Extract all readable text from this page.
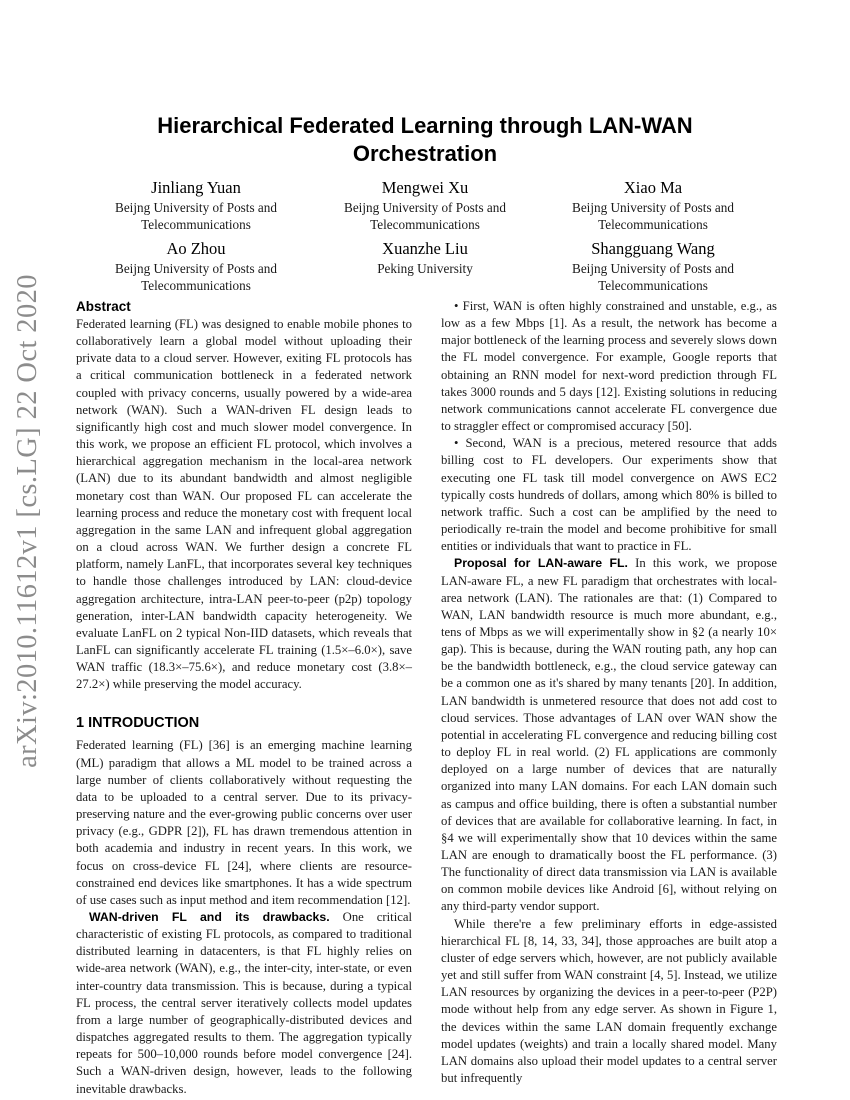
arXiv:2010.11612v1 [cs.LG] 22 Oct 2020
Hierarchical Federated Learning through LAN-WAN Orchestration
Jinliang Yuan
Beijng University of Posts and Telecommunications
Mengwei Xu
Beijng University of Posts and Telecommunications
Xiao Ma
Beijng University of Posts and Telecommunications
Ao Zhou
Beijng University of Posts and Telecommunications
Xuanzhe Liu
Peking University
Shangguang Wang
Beijng University of Posts and Telecommunications
Abstract

Federated learning (FL) was designed to enable mobile phones to collaboratively learn a global model without uploading their private data to a cloud server. However, exiting FL protocols has a critical communication bottleneck in a federated network coupled with privacy concerns, usually powered by a wide-area network (WAN). Such a WAN-driven FL design leads to significantly high cost and much slower model convergence. In this work, we propose an efficient FL protocol, which involves a hierarchical aggregation mechanism in the local-area network (LAN) due to its abundant bandwidth and almost negligible monetary cost than WAN. Our proposed FL can accelerate the learning process and reduce the monetary cost with frequent local aggregation in the same LAN and infrequent global aggregation on a cloud across WAN. We further design a concrete FL platform, namely LanFL, that incorporates several key techniques to handle those challenges introduced by LAN: cloud-device aggregation architecture, intra-LAN peer-to-peer (p2p) topology generation, inter-LAN bandwidth capacity heterogeneity. We evaluate LanFL on 2 typical Non-IID datasets, which reveals that LanFL can significantly accelerate FL training (1.5×–6.0×), save WAN traffic (18.3×–75.6×), and reduce monetary cost (3.8×–27.2×) while preserving the model accuracy.

1 INTRODUCTION

Federated learning (FL) [36] is an emerging machine learning (ML) paradigm that allows a ML model to be trained across a large number of clients collaboratively without requesting the data to be uploaded to a central server. Due to its privacy-preserving nature and the ever-growing public concerns over user privacy (e.g., GDPR [2]), FL has drawn tremendous attention in both academia and industry in recent years. In this work, we focus on cross-device FL [24], where clients are resource-constrained end devices like smartphones. It has a wide spectrum of use cases such as input method and item recommendation [12].

WAN-driven FL and its drawbacks. One critical characteristic of existing FL protocols, as compared to traditional distributed learning in datacenters, is that FL highly relies on wide-area network (WAN), e.g., the inter-city, inter-state, or even inter-country data transmission. This is because, during a typical FL process, the central server iteratively collects model updates from a large number of geographically-distributed devices and dispatches aggregated results to them. The aggregation typically repeats for 500–10,000 rounds before model convergence [24]. Such a WAN-driven design, however, leads to the following inevitable drawbacks.

• First, WAN is often highly constrained and unstable, e.g., as low as a few Mbps [1]. As a result, the network has become a major bottleneck of the learning process and severely slows down the FL model convergence. For example, Google reports that obtaining an RNN model for next-word prediction through FL takes 3000 rounds and 5 days [12]. Existing solutions in reducing network communications cannot accelerate FL convergence due to straggler effect or compromised accuracy [50].

• Second, WAN is a precious, metered resource that adds billing cost to FL developers. Our experiments show that executing one FL task till model convergence on AWS EC2 typically costs hundreds of dollars, among which 80% is billed to network traffic. Such a cost can be amplified by the need to periodically re-train the model and become prohibitive for small entities or individuals that want to practice in FL.

Proposal for LAN-aware FL. In this work, we propose LAN-aware FL, a new FL paradigm that orchestrates with local-area network (LAN). The rationales are that: (1) Compared to WAN, LAN bandwidth resource is much more abundant, e.g., tens of Mbps as we will experimentally show in §2 (a nearly 10× gap). This is because, during the WAN routing path, any hop can be the bandwidth bottleneck, e.g., the cloud service gateway can be a common one as it's shared by many tenants [20]. In addition, LAN bandwidth is unmetered resource that does not add cost to cloud services. Those advantages of LAN over WAN show the potential in accelerating FL convergence and reducing billing cost to deploy FL in real world. (2) FL applications are commonly deployed on a large number of devices that are naturally organized into many LAN domains. For each LAN domain such as campus and office building, there is often a substantial number of devices that are available for collaborative learning. In fact, in §4 we will experimentally show that 10 devices within the same LAN are enough to dramatically boost the FL performance. (3) The functionality of direct data transmission via LAN is available on common mobile devices like Android [6], without relying on any third-party vendor support.

While there're a few preliminary efforts in edge-assisted hierarchical FL [8, 14, 33, 34], those approaches are built atop a cluster of edge servers which, however, are not publicly available yet and still suffer from WAN constraint [4, 5]. Instead, we utilize LAN resources by organizing the devices in a peer-to-peer (P2P) mode without help from any edge server. As shown in Figure 1, the devices within the same LAN domain frequently exchange model updates (weights) and train a locally shared model. Many LAN domains also upload their model updates to a central server but infrequently
